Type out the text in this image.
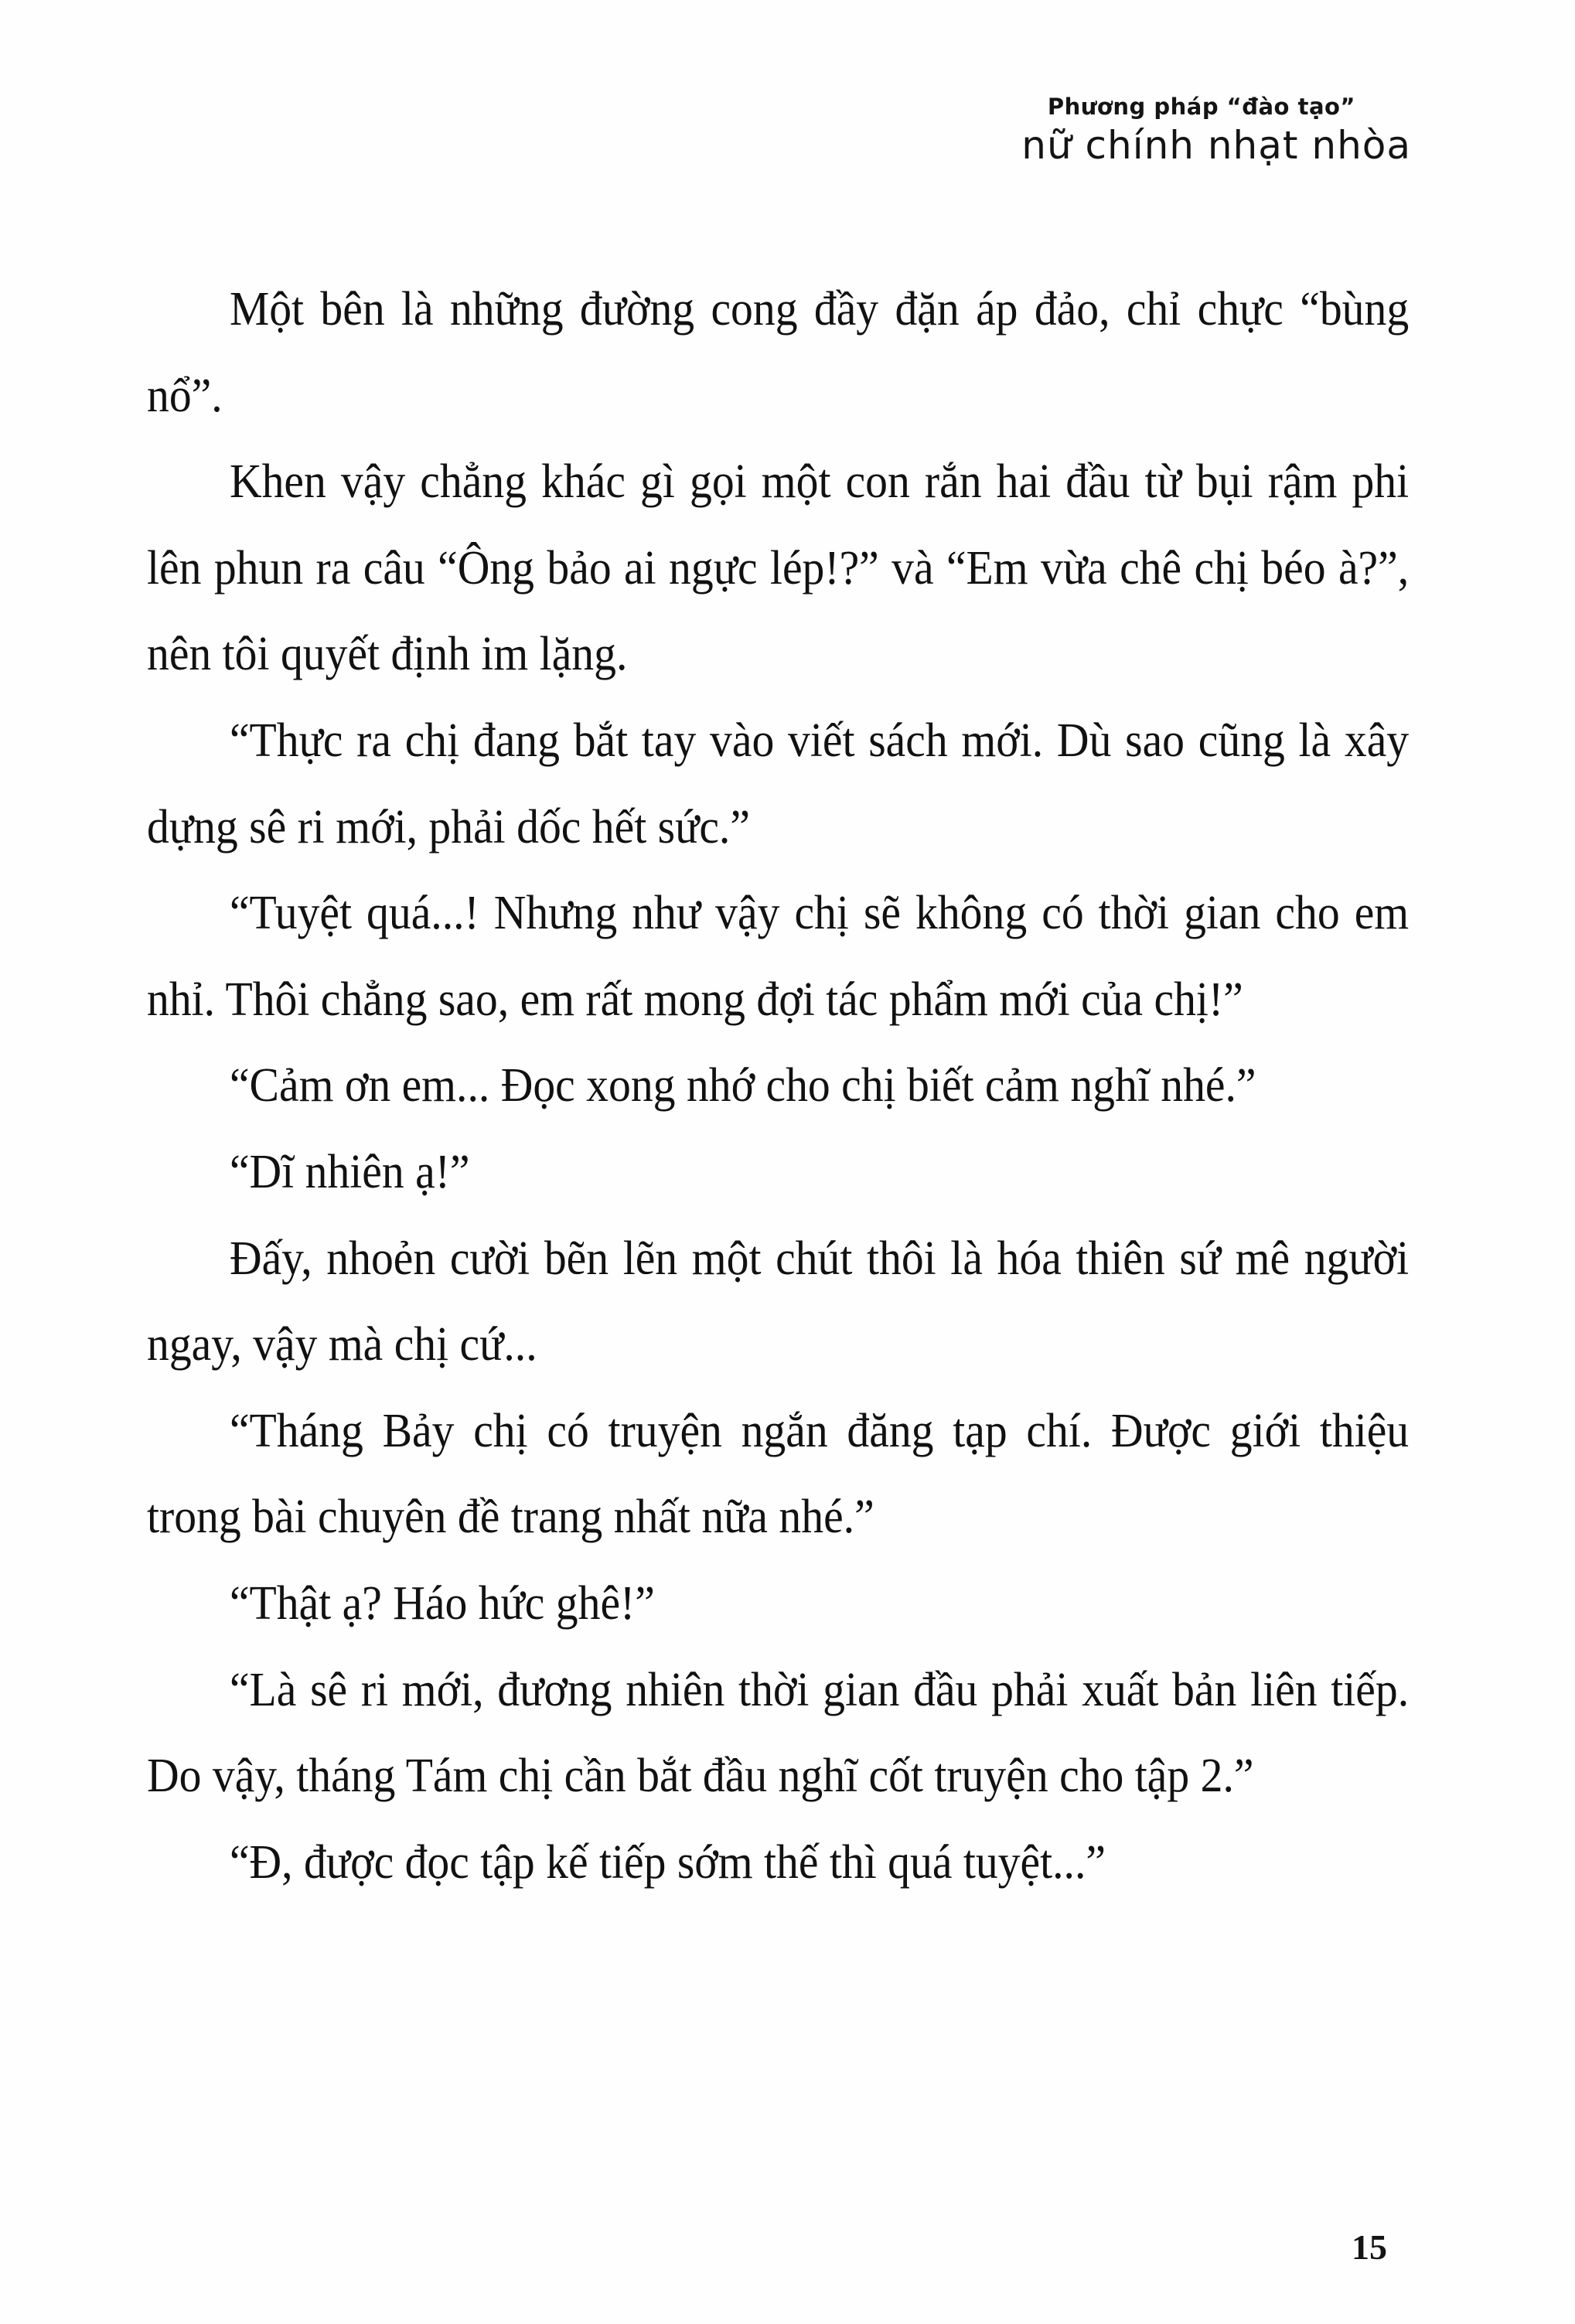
Phương pháp “đào tạo”
nữ chính nhạt nhòa

Một bên là những đường cong đầy đặn áp đảo, chỉ chực “bùng nổ”.

Khen vậy chẳng khác gì gọi một con rắn hai đầu từ bụi rậm phi lên phun ra câu “Ông bảo ai ngực lép!?” và “Em vừa chê chị béo à?”, nên tôi quyết định im lặng.

“Thực ra chị đang bắt tay vào viết sách mới. Dù sao cũng là xây dựng sê ri mới, phải dốc hết sức.”

“Tuyệt quá...! Nhưng như vậy chị sẽ không có thời gian cho em nhỉ. Thôi chẳng sao, em rất mong đợi tác phẩm mới của chị!”

“Cảm ơn em... Đọc xong nhớ cho chị biết cảm nghĩ nhé.”

“Dĩ nhiên ạ!”

Đấy, nhoẻn cười bẽn lẽn một chút thôi là hóa thiên sứ mê người ngay, vậy mà chị cứ...

“Tháng Bảy chị có truyện ngắn đăng tạp chí. Được giới thiệu trong bài chuyên đề trang nhất nữa nhé.”

“Thật ạ? Háo hức ghê!”

“Là sê ri mới, đương nhiên thời gian đầu phải xuất bản liên tiếp. Do vậy, tháng Tám chị cần bắt đầu nghĩ cốt truyện cho tập 2.”

“Đ, được đọc tập kế tiếp sớm thế thì quá tuyệt...”

15
